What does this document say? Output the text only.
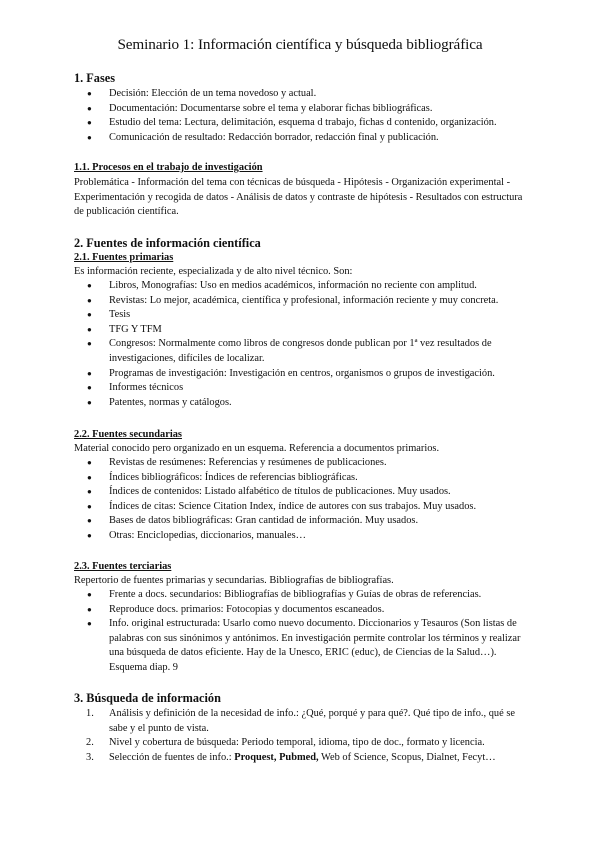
Seminario 1: Información científica y búsqueda bibliográfica
1. Fases
● Decisión: Elección de un tema novedoso y actual.
● Documentación: Documentarse sobre el tema y elaborar fichas bibliográficas.
● Estudio del tema: Lectura, delimitación, esquema d trabajo, fichas d contenido, organización.
● Comunicación de resultado: Redacción borrador, redacción final y publicación.
1.1. Procesos en el trabajo de investigación
Problemática - Información del tema con técnicas de búsqueda - Hipótesis - Organización experimental - Experimentación y recogida de datos - Análisis de datos y contraste de hipótesis - Resultados con estructura de publicación científica.
2. Fuentes de información científica
2.1. Fuentes primarias
Es información reciente, especializada y de alto nivel técnico. Son:
● Libros, Monografías: Uso en medios académicos, información no reciente con amplitud.
● Revistas: Lo mejor, académica, científica y profesional, información reciente y muy concreta.
● Tesis
● TFG Y TFM
● Congresos: Normalmente como libros de congresos donde publican por 1ª vez resultados de investigaciones, difíciles de localizar.
● Programas de investigación: Investigación en centros, organismos o grupos de investigación.
● Informes técnicos
● Patentes, normas y catálogos.
2.2. Fuentes secundarias
Material conocido pero organizado en un esquema. Referencia a documentos primarios.
● Revistas de resúmenes: Referencias y resúmenes de publicaciones.
● Índices bibliográficos: Índices de referencias bibliográficas.
● Índices de contenidos: Listado alfabético de títulos de publicaciones. Muy usados.
● Índices de citas: Science Citation Index, índice de autores con sus trabajos. Muy usados.
● Bases de datos bibliográficas: Gran cantidad de información. Muy usados.
● Otras: Enciclopedias, diccionarios, manuales…
2.3. Fuentes terciarias
Repertorio de fuentes primarias y secundarias. Bibliografías de bibliografías.
● Frente a docs. secundarios: Bibliografías de bibliografías y Guías de obras de referencias.
● Reproduce docs. primarios: Fotocopias y documentos escaneados.
● Info. original estructurada: Usarlo como nuevo documento. Diccionarios y Tesauros (Son listas de palabras con sus sinónimos y antónimos. En investigación permite controlar los términos y realizar una búsqueda de datos eficiente. Hay de la Unesco, ERIC (educ), de Ciencias de la Salud…). Esquema diap. 9
3. Búsqueda de información
1. Análisis y definición de la necesidad de info.: ¿Qué, porqué y para qué?. Qué tipo de info., qué se sabe y el punto de vista.
2. Nivel y cobertura de búsqueda: Periodo temporal, idioma, tipo de doc., formato y licencia.
3. Selección de fuentes de info.: Proquest, Pubmed, Web of Science, Scopus, Dialnet, Fecyt…
